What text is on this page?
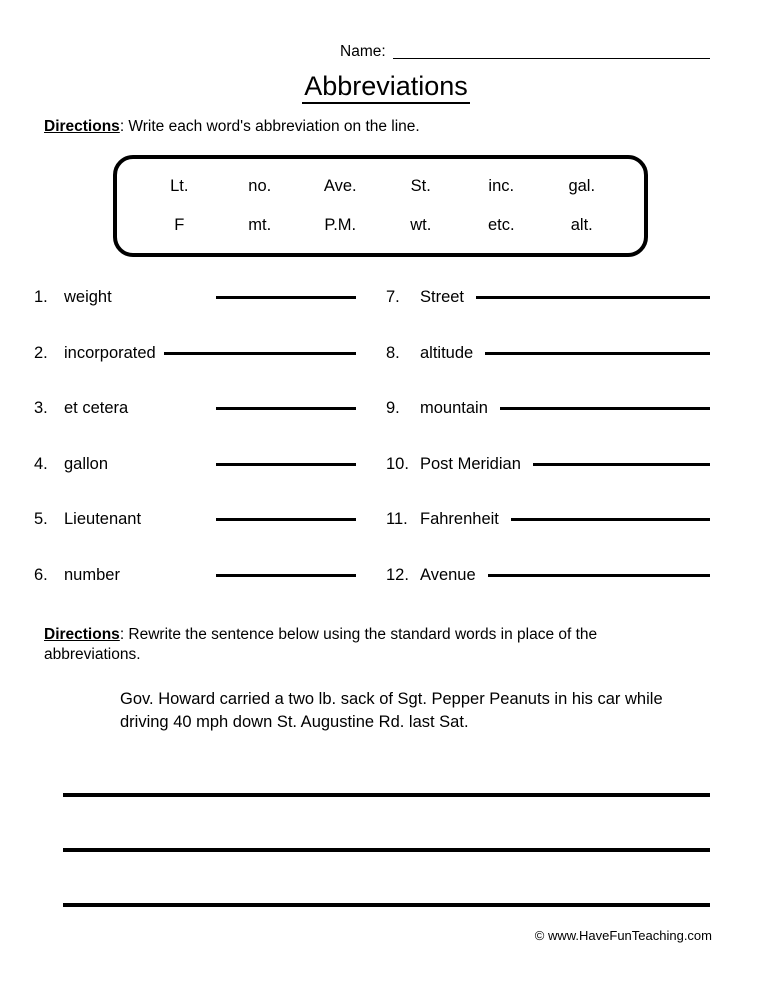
Name:
Abbreviations
Directions: Write each word's abbreviation on the line.
Lt.	no.	Ave.	St.	inc.	gal.
F	mt.	P.M.	wt.	etc.	alt.
1. weight
2. incorporated
3. et cetera
4. gallon
5. Lieutenant
6. number
7.	Street
8.	altitude
9.	mountain
10. Post Meridian
11. Fahrenheit
12. Avenue
Directions: Rewrite the sentence below using the standard words in place of the abbreviations.
Gov. Howard carried a two lb. sack of Sgt. Pepper Peanuts in his car while driving 40 mph down St. Augustine Rd. last Sat.
© www.HaveFunTeaching.com
